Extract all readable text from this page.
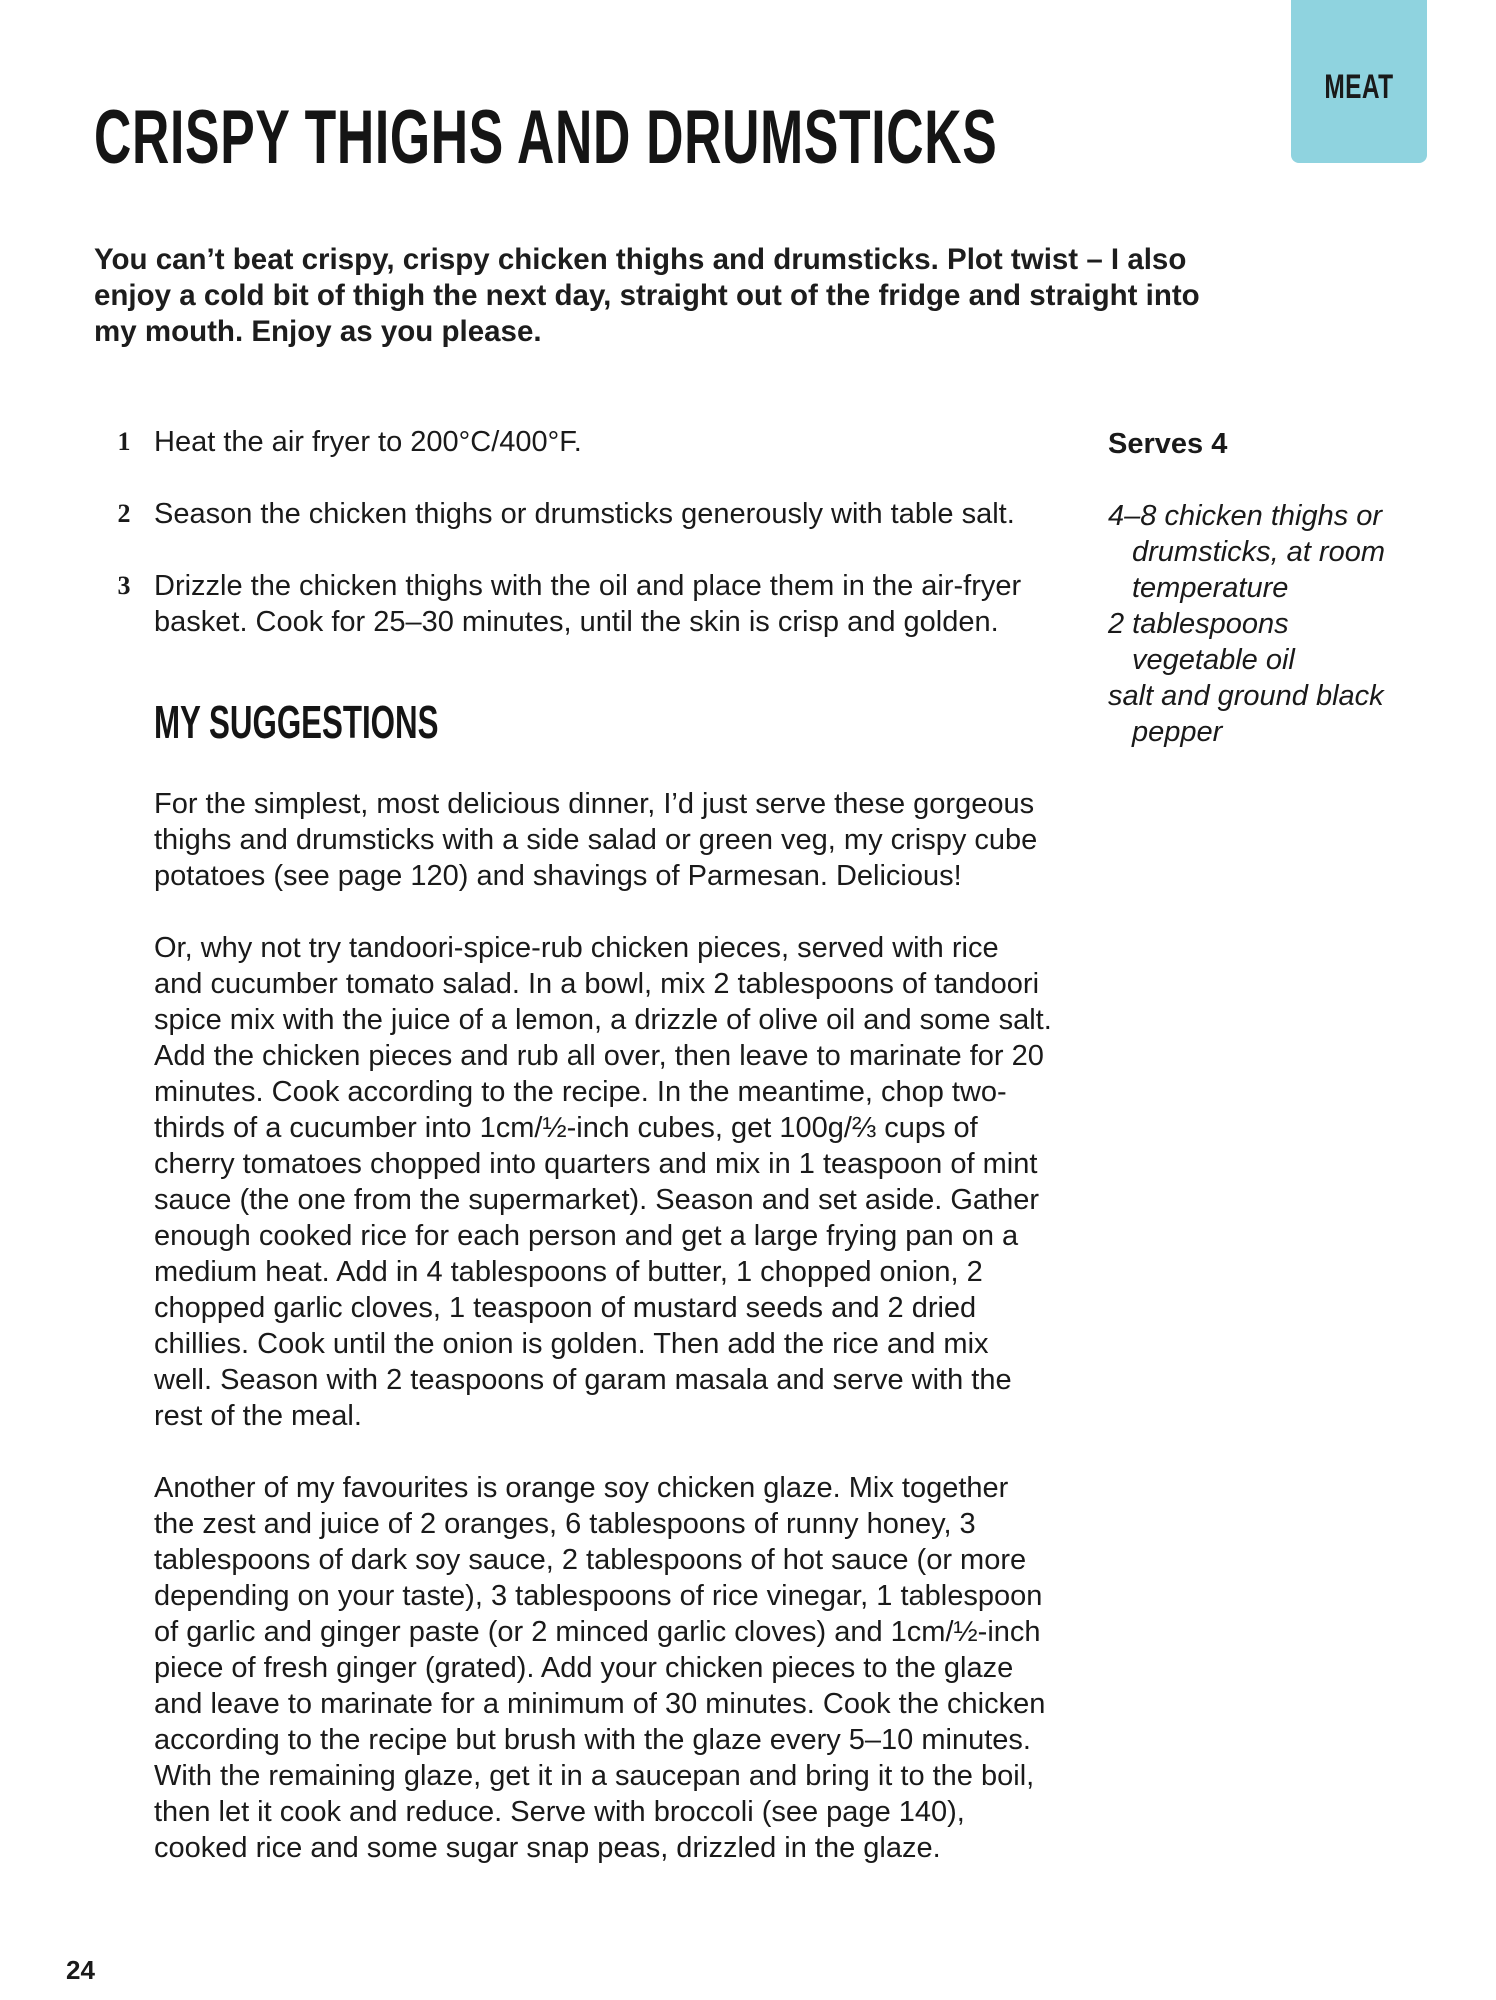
MEAT
CRISPY THIGHS AND DRUMSTICKS

You can’t beat crispy, crispy chicken thighs and drumsticks. Plot twist – I also enjoy a cold bit of thigh the next day, straight out of the fridge and straight into my mouth. Enjoy as you please.

1 Heat the air fryer to 200°C/400°F.
2 Season the chicken thighs or drumsticks generously with table salt.
3 Drizzle the chicken thighs with the oil and place them in the air-fryer basket. Cook for 25–30 minutes, until the skin is crisp and golden.
MY SUGGESTIONS

For the simplest, most delicious dinner, I’d just serve these gorgeous thighs and drumsticks with a side salad or green veg, my crispy cube potatoes (see page 120) and shavings of Parmesan. Delicious!

Or, why not try tandoori-spice-rub chicken pieces, served with rice and cucumber tomato salad. In a bowl, mix 2 tablespoons of tandoori spice mix with the juice of a lemon, a drizzle of olive oil and some salt. Add the chicken pieces and rub all over, then leave to marinate for 20 minutes. Cook according to the recipe. In the meantime, chop two-thirds of a cucumber into 1cm/½-inch cubes, get 100g/⅔ cups of cherry tomatoes chopped into quarters and mix in 1 teaspoon of mint sauce (the one from the supermarket). Season and set aside. Gather enough cooked rice for each person and get a large frying pan on a medium heat. Add in 4 tablespoons of butter, 1 chopped onion, 2 chopped garlic cloves, 1 teaspoon of mustard seeds and 2 dried chillies. Cook until the onion is golden. Then add the rice and mix well. Season with 2 teaspoons of garam masala and serve with the rest of the meal.

Another of my favourites is orange soy chicken glaze. Mix together the zest and juice of 2 oranges, 6 tablespoons of runny honey, 3 tablespoons of dark soy sauce, 2 tablespoons of hot sauce (or more depending on your taste), 3 tablespoons of rice vinegar, 1 tablespoon of garlic and ginger paste (or 2 minced garlic cloves) and 1cm/½-inch piece of fresh ginger (grated). Add your chicken pieces to the glaze and leave to marinate for a minimum of 30 minutes. Cook the chicken according to the recipe but brush with the glaze every 5–10 minutes. With the remaining glaze, get it in a saucepan and bring it to the boil, then let it cook and reduce. Serve with broccoli (see page 140), cooked rice and some sugar snap peas, drizzled in the glaze.

Serves 4

4–8 chicken thighs or drumsticks, at room temperature
2 tablespoons vegetable oil
salt and ground black pepper

24
